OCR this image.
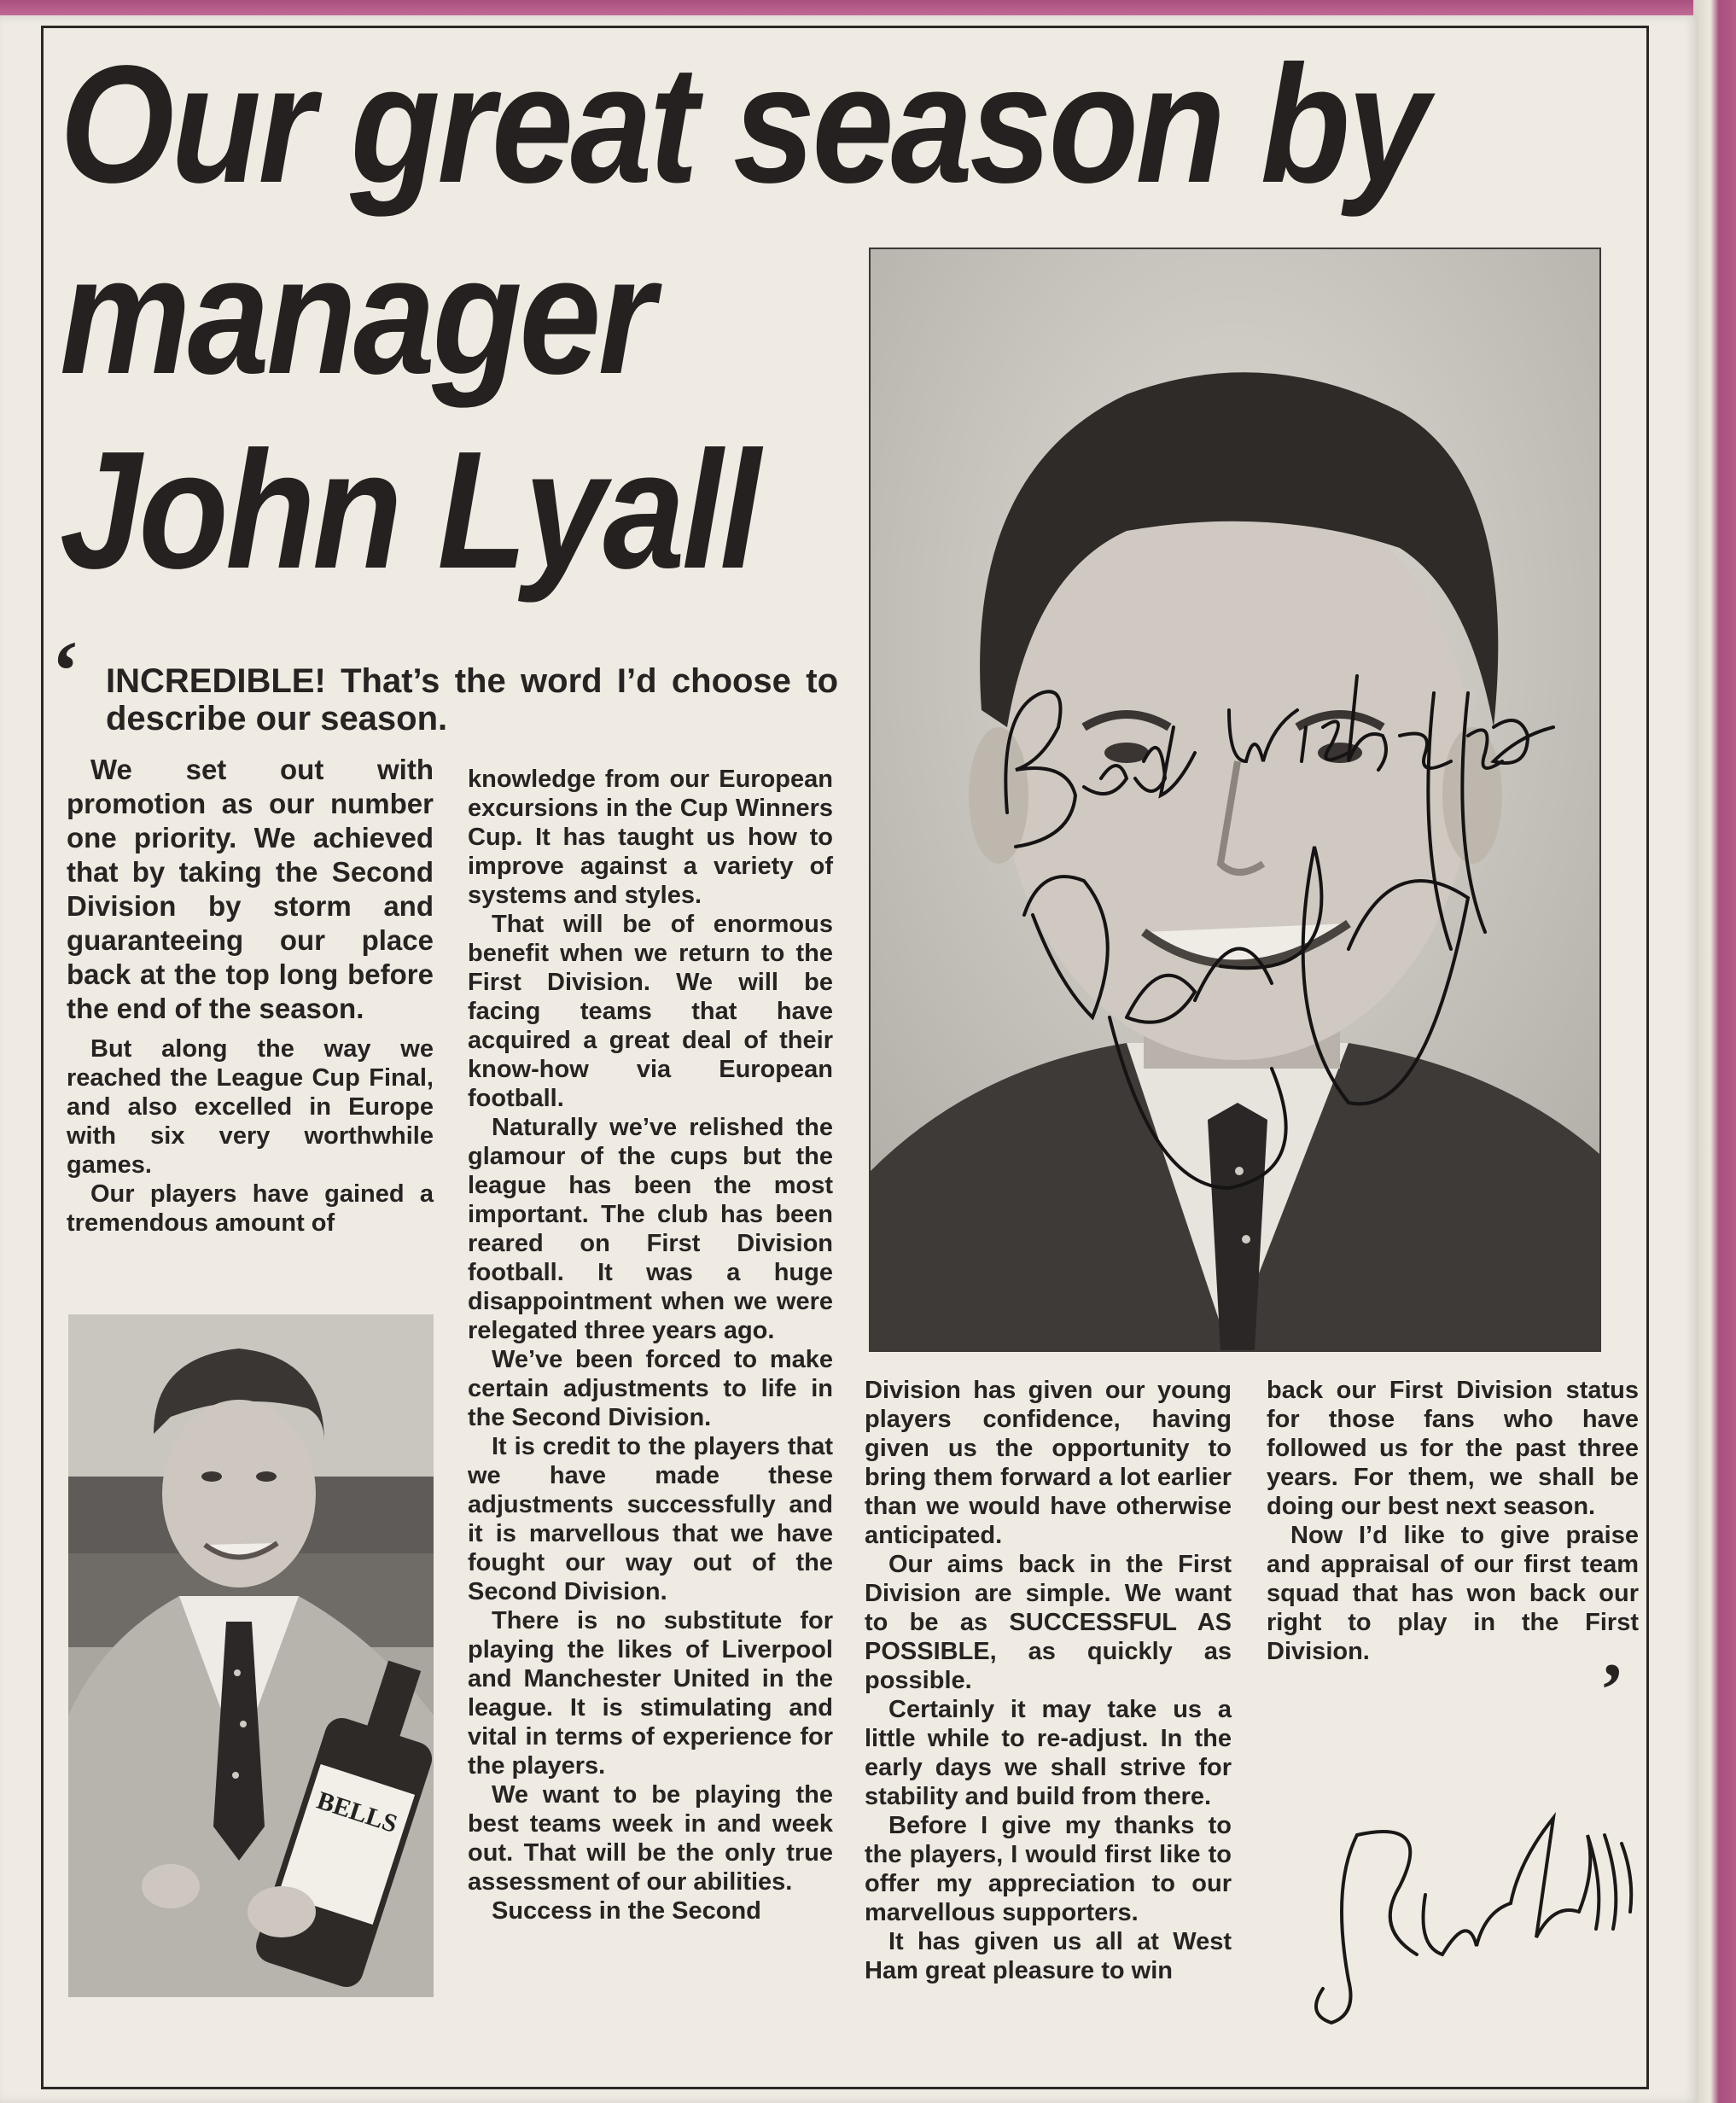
Our great season by
manager
John Lyall
BELLS

‘ INCREDIBLE! That’s the word I’d choose to describe our season.

We set out with promotion as our number one priority. We achieved that by taking the Second Division by storm and guaranteeing our place back at the top long before the end of the season.

But along the way we reached the League Cup Final, and also excelled in Europe with six very worthwhile games.

Our players have gained a tremendous amount of

knowledge from our European excursions in the Cup Winners Cup. It has taught us how to improve against a variety of systems and styles.

That will be of enormous benefit when we return to the First Division. We will be facing teams that have acquired a great deal of their know-how via European football.

Naturally we’ve relished the glamour of the cups but the league has been the most important. The club has been reared on First Division football. It was a huge disappointment when we were relegated three years ago.

We’ve been forced to make certain adjustments to life in the Second Division.

It is credit to the players that we have made these adjustments successfully and it is marvellous that we have fought our way out of the Second Division.

There is no substitute for playing the likes of Liverpool and Manchester United in the league. It is stimulating and vital in terms of experience for the players.

We want to be playing the best teams week in and week out. That will be the only true assessment of our abilities.

Success in the Second

Division has given our young players confidence, having given us the opportunity to bring them forward a lot earlier than we would have otherwise anticipated.

Our aims back in the First Division are simple. We want to be as SUCCESSFUL AS POSSIBLE, as quickly as possible.

Certainly it may take us a little while to re-adjust. In the early days we shall strive for stability and build from there.

Before I give my thanks to the players, I would first like to offer my appreciation to our marvellous supporters.

It has given us all at West Ham great pleasure to win

back our First Division status for those fans who have followed us for the past three years. For them, we shall be doing our best next season.

Now I’d like to give praise and appraisal of our first team squad that has won back our right to play in the First Division.	’
